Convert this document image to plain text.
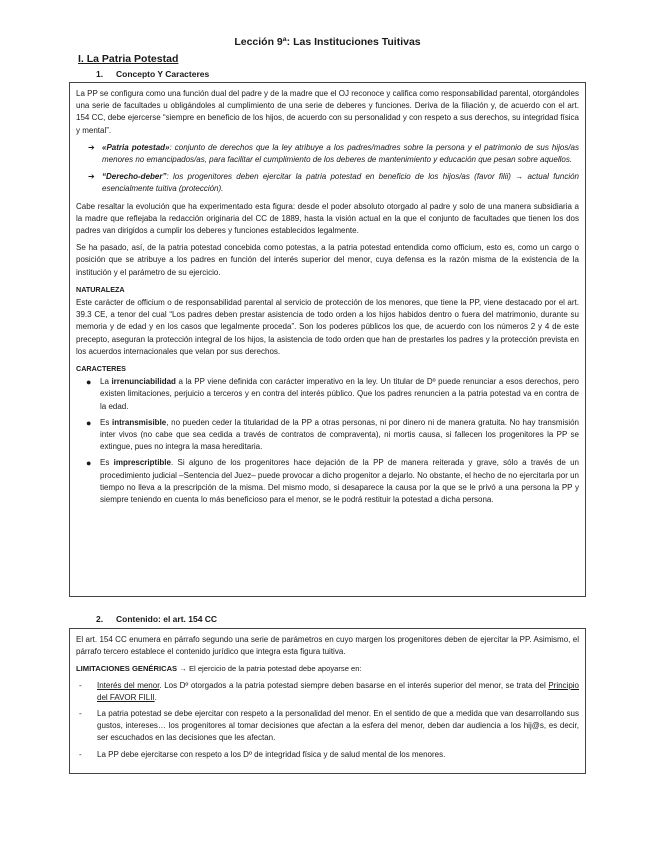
Lección 9ª: Las Instituciones Tuitivas
I. La Patria Potestad
1. Concepto Y Caracteres

La PP se configura como una función dual del padre y de la madre que el OJ reconoce y califica como responsabilidad parental, otorgándoles una serie de facultades u obligándoles al cumplimiento de una serie de deberes y funciones. Deriva de la filiación y, de acuerdo con el art. 154 CC, debe ejercerse “siempre en beneficio de los hijos, de acuerdo con su personalidad y con respeto a sus derechos, su integridad física y mental”.

➔ «Patria potestad»: conjunto de derechos que la ley atribuye a los padres/madres sobre la persona y el patrimonio de sus hijos/as menores no emancipados/as, para facilitar el cumplimiento de los deberes de mantenimiento y educación que pesan sobre aquellos.
➔ “Derecho-deber”: los progenitores deben ejercitar la patria potestad en beneficio de los hijos/as (favor filii) → actual función esencialmente tuitiva (protección).

Cabe resaltar la evolución que ha experimentado esta figura: desde el poder absoluto otorgado al padre y solo de una manera subsidiaria a la madre que reflejaba la redacción originaria del CC de 1889, hasta la visión actual en la que el conjunto de facultades que tienen los dos padres van dirigidos a cumplir los deberes y funciones establecidos legalmente.

Se ha pasado, así, de la patria potestad concebida como potestas, a la patria potestad entendida como officium, esto es, como un cargo o posición que se atribuye a los padres en función del interés superior del menor, cuya defensa es la razón misma de la existencia de la institución y el parámetro de su ejercicio.

NATURALEZA

Este carácter de officium o de responsabilidad parental al servicio de protección de los menores, que tiene la PP, viene destacado por el art. 39.3 CE, a tenor del cual “Los padres deben prestar asistencia de todo orden a los hijos habidos dentro o fuera del matrimonio, durante su memoria y de edad y en los casos que legalmente proceda”. Son los poderes públicos los que, de acuerdo con los números 2 y 4 de este precepto, aseguran la protección integral de los hijos, la asistencia de todo orden que han de prestarles los padres y la protección prevista en los acuerdos internacionales que velan por sus derechos.

CARACTERES
●	La irrenunciabilidad a la PP viene definida con carácter imperativo en la ley. Un titular de Dº puede renunciar a esos derechos, pero existen limitaciones, perjuicio a terceros y en contra del interés público. Que los padres renuncien a la patria potestad va en contra de la edad.
●	Es intransmisible, no pueden ceder la titularidad de la PP a otras personas, ni por dinero ni de manera gratuita. No hay transmisión inter vivos (no cabe que sea cedida a través de contratos de compraventa), ni mortis causa, si fallecen los progenitores la PP se extingue, pues no integra la masa hereditaria.
●	Es imprescriptible. Si alguno de los progenitores hace dejación de la PP de manera reiterada y grave, sólo a través de un procedimiento judicial –Sentencia del Juez– puede provocar a dicho progenitor a dejarlo. No obstante, el hecho de no ejercitarla por un tiempo no lleva a la prescripción de la misma. Del mismo modo, si desaparece la causa por la que se le privó a una persona la PP y siempre teniendo en cuenta lo más beneficioso para el menor, se le podrá restituir la potestad a dicha persona.
2. Contenido: el art. 154 CC

El art. 154 CC enumera en párrafo segundo una serie de parámetros en cuyo margen los progenitores deben de ejercitar la PP. Asimismo, el párrafo tercero establece el contenido jurídico que integra esta figura tuitiva.

LIMITACIONES GENÉRICAS → El ejercicio de la patria potestad debe apoyarse en:
-	Interés del menor. Los Dº otorgados a la patria potestad siempre deben basarse en el interés superior del menor, se trata del Principio del FAVOR FILII.
-	La patria potestad se debe ejercitar con respeto a la personalidad del menor. En el sentido de que a medida que van desarrollando sus gustos, intereses… los progenitores al tomar decisiones que afectan a la esfera del menor, deben dar audiencia a los hij@s, es decir, ser escuchados en las decisiones que les afectan.
-	La PP debe ejercitarse con respeto a los Dº de integridad física y de salud mental de los menores.
